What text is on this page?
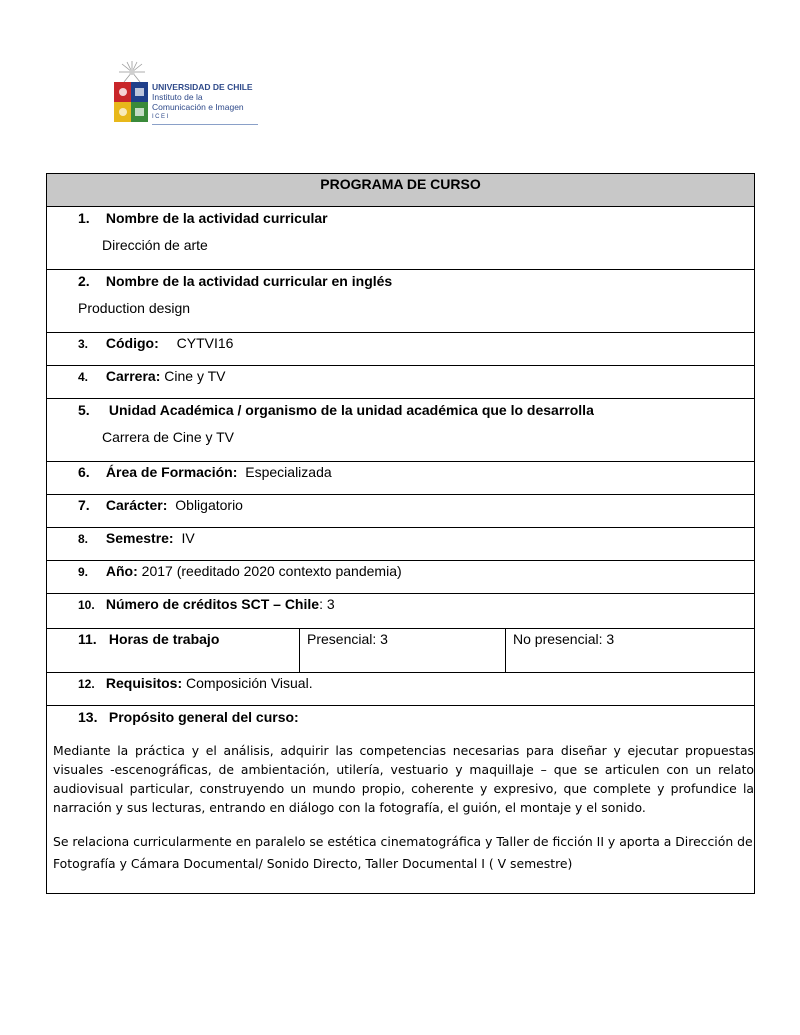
UNIVERSIDAD DE CHILE
Instituto de la
Comunicación e Imagen
ICEI
PROGRAMA DE CURSO

1. Nombre de la actividad curricular
Dirección de arte

2. Nombre de la actividad curricular en inglés
Production design

3. Código: CYTVI16

4. Carrera: Cine y TV

5. Unidad Académica / organismo de la unidad académica que lo desarrolla
Carrera de Cine y TV

6. Área de Formación: Especializada

7. Carácter: Obligatorio

8. Semestre: IV

9. Año: 2017 (reeditado 2020 contexto pandemia)

10. Número de créditos SCT – Chile: 3

11. Horas de trabajo	Presencial: 3	No presencial: 3

12. Requisitos: Composición Visual.

13. Propósito general del curso:

Mediante la práctica y el análisis, adquirir las competencias necesarias para diseñar y ejecutar propuestas visuales -escenográficas, de ambientación, utilería, vestuario y maquillaje – que se articulen con un relato audiovisual particular, construyendo un mundo propio, coherente y expresivo, que complete y profundice la narración y sus lecturas, entrando en diálogo con la fotografía, el guión, el montaje y el sonido.

Se relaciona curricularmente en paralelo se estética cinematográfica y Taller de ficción II y aporta a Dirección de Fotografía y Cámara Documental/ Sonido Directo, Taller Documental I ( V semestre)
